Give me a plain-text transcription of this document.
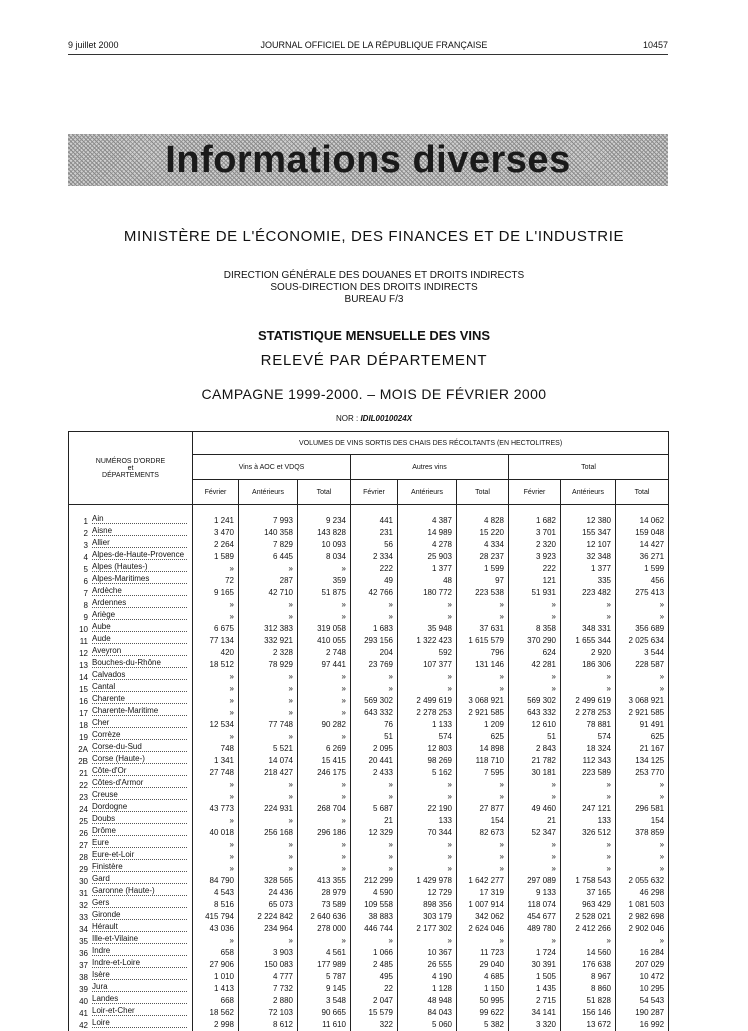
9 juillet 2000	JOURNAL OFFICIEL DE LA RÉPUBLIQUE FRANÇAISE	10457
Informations diverses
MINISTÈRE DE L'ÉCONOMIE, DES FINANCES ET DE L'INDUSTRIE
DIRECTION GÉNÉRALE DES DOUANES ET DROITS INDIRECTS
SOUS-DIRECTION DES DROITS INDIRECTS
BUREAU F/3
STATISTIQUE MENSUELLE DES VINS
RELEVÉ PAR DÉPARTEMENT
CAMPAGNE 1999-2000. – MOIS DE FÉVRIER 2000
NOR : IDIL0010024X
NUMÉROS D'ORDRE
et
DÉPARTEMENTS	VOLUMES DE VINS SORTIS DES CHAIS DES RÉCOLTANTS (EN HECTOLITRES)								
	Vins à AOC et VDQS			Autres vins			Total		
	Février	Antérieurs	Total	Février	Antérieurs	Total	Février	Antérieurs	Total

1 Ain	1 241	7 993	9 234	441	4 387	4 828	1 682	12 380	14 062
2 Aisne	3 470	140 358	143 828	231	14 989	15 220	3 701	155 347	159 048
3 Allier	2 264	7 829	10 093	56	4 278	4 334	2 320	12 107	14 427
4 Alpes-de-Haute-Provence	1 589	6 445	8 034	2 334	25 903	28 237	3 923	32 348	36 271
5 Alpes (Hautes-)	»	»	»	222	1 377	1 599	222	1 377	1 599
6 Alpes-Maritimes	72	287	359	49	48	97	121	335	456
7 Ardèche	9 165	42 710	51 875	42 766	180 772	223 538	51 931	223 482	275 413
8 Ardennes	»	»	»	»	»	»	»	»	»
9 Ariège	»	»	»	»	»	»	»	»	»
10 Aube	6 675	312 383	319 058	1 683	35 948	37 631	8 358	348 331	356 689
11 Aude	77 134	332 921	410 055	293 156	1 322 423	1 615 579	370 290	1 655 344	2 025 634
12 Aveyron	420	2 328	2 748	204	592	796	624	2 920	3 544
13 Bouches-du-Rhône	18 512	78 929	97 441	23 769	107 377	131 146	42 281	186 306	228 587
14 Calvados	»	»	»	»	»	»	»	»	»
15 Cantal	»	»	»	»	»	»	»	»	»
16 Charente	»	»	»	569 302	2 499 619	3 068 921	569 302	2 499 619	3 068 921
17 Charente-Maritime	»	»	»	643 332	2 278 253	2 921 585	643 332	2 278 253	2 921 585
18 Cher	12 534	77 748	90 282	76	1 133	1 209	12 610	78 881	91 491
19 Corrèze	»	»	»	51	574	625	51	574	625
2A Corse-du-Sud	748	5 521	6 269	2 095	12 803	14 898	2 843	18 324	21 167
2B Corse (Haute-)	1 341	14 074	15 415	20 441	98 269	118 710	21 782	112 343	134 125
21 Côte-d'Or	27 748	218 427	246 175	2 433	5 162	7 595	30 181	223 589	253 770
22 Côtes-d'Armor	»	»	»	»	»	»	»	»	»
23 Creuse	»	»	»	»	»	»	»	»	»
24 Dordogne	43 773	224 931	268 704	5 687	22 190	27 877	49 460	247 121	296 581
25 Doubs	»	»	»	21	133	154	21	133	154
26 Drôme	40 018	256 168	296 186	12 329	70 344	82 673	52 347	326 512	378 859
27 Eure	»	»	»	»	»	»	»	»	»
28 Eure-et-Loir	»	»	»	»	»	»	»	»	»
29 Finistère	»	»	»	»	»	»	»	»	»
30 Gard	84 790	328 565	413 355	212 299	1 429 978	1 642 277	297 089	1 758 543	2 055 632
31 Garonne (Haute-)	4 543	24 436	28 979	4 590	12 729	17 319	9 133	37 165	46 298
32 Gers	8 516	65 073	73 589	109 558	898 356	1 007 914	118 074	963 429	1 081 503
33 Gironde	415 794	2 224 842	2 640 636	38 883	303 179	342 062	454 677	2 528 021	2 982 698
34 Hérault	43 036	234 964	278 000	446 744	2 177 302	2 624 046	489 780	2 412 266	2 902 046
35 Ille-et-Vilaine	»	»	»	»	»	»	»	»	»
36 Indre	658	3 903	4 561	1 066	10 367	11 723	1 724	14 560	16 284
37 Indre-et-Loire	27 906	150 083	177 989	2 485	26 555	29 040	30 391	176 638	207 029
38 Isère	1 010	4 777	5 787	495	4 190	4 685	1 505	8 967	10 472
39 Jura	1 413	7 732	9 145	22	1 128	1 150	1 435	8 860	10 295
40 Landes	668	2 880	3 548	2 047	48 948	50 995	2 715	51 828	54 543
41 Loir-et-Cher	18 562	72 103	90 665	15 579	84 043	99 622	34 141	156 146	190 287
42 Loire	2 998	8 612	11 610	322	5 060	5 382	3 320	13 672	16 992
